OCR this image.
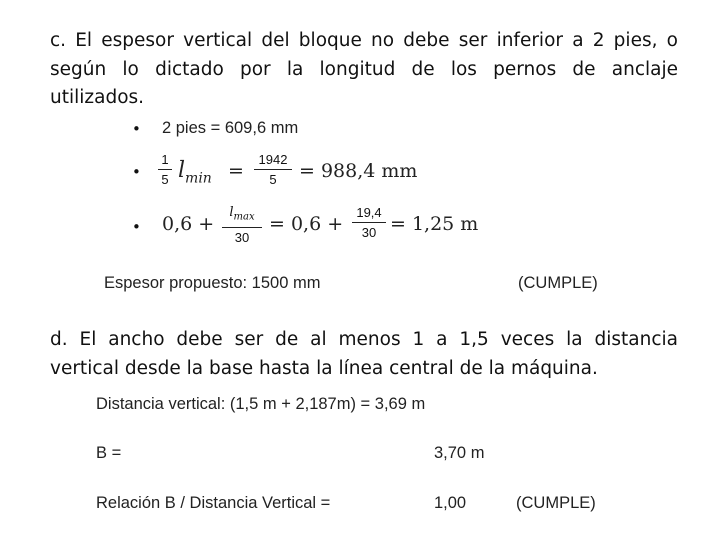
c. El espesor vertical del bloque no debe ser inferior a 2 pies, o
según lo dictado por la longitud de los pernos de anclaje
utilizados.
• 2 pies = 609,6 mm
•
1
5 $l_{min}$ =
1942
5	= 988,4 mm
• 0,6 +
$l_{max}$
30
= 0,6 +
19,4
30 = 1,25 m
Espesor propuesto: 1500 mm	(CUMPLE)
d. El ancho debe ser de al menos 1 a 1,5 veces la distancia
vertical desde la base hasta la línea central de la máquina.
Distancia vertical: (1,5 m + 2,187m) = 3,69 m
B =	3,70 m
Relación B / Distancia Vertical =	1,00	(CUMPLE)
